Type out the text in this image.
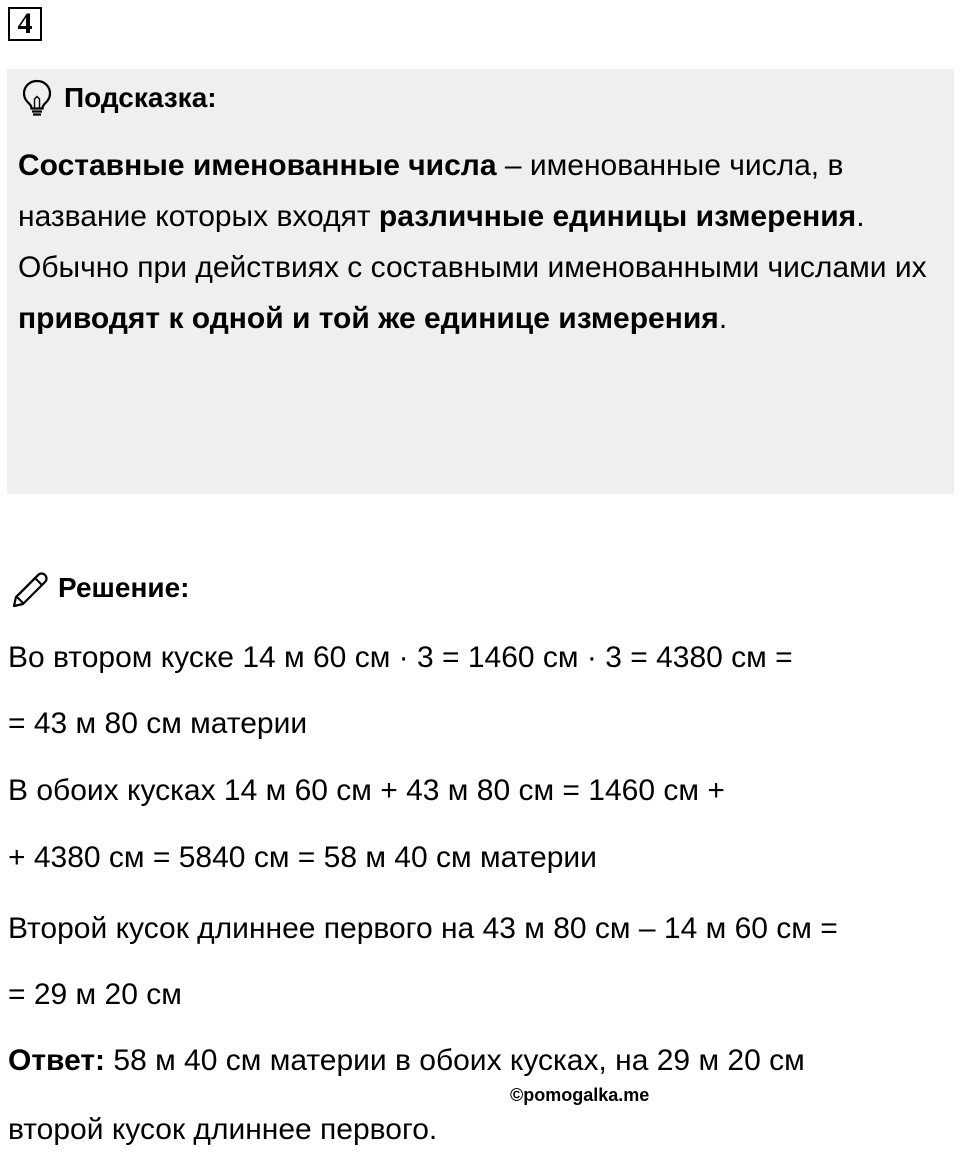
4
Подсказка:

Составные именованные числа – именованные числа, в название которых входят различные единицы измерения.

Обычно при действиях с составными именованными числами их приводят к одной и той же единице измерения.

Решение:
Во втором куске 14 м 60 см · 3 = 1460 см · 3 = 4380 см =
= 43 м 80 см материи
В обоих кусках 14 м 60 см + 43 м 80 см = 1460 см +
+ 4380 см = 5840 см = 58 м 40 см материи
Второй кусок длиннее первого на 43 м 80 см – 14 м 60 см =
= 29 м 20 см
Ответ: 58 м 40 см материи в обоих кусках, на 29 м 20 см
второй кусок длиннее первого.
©pomogalka.me
